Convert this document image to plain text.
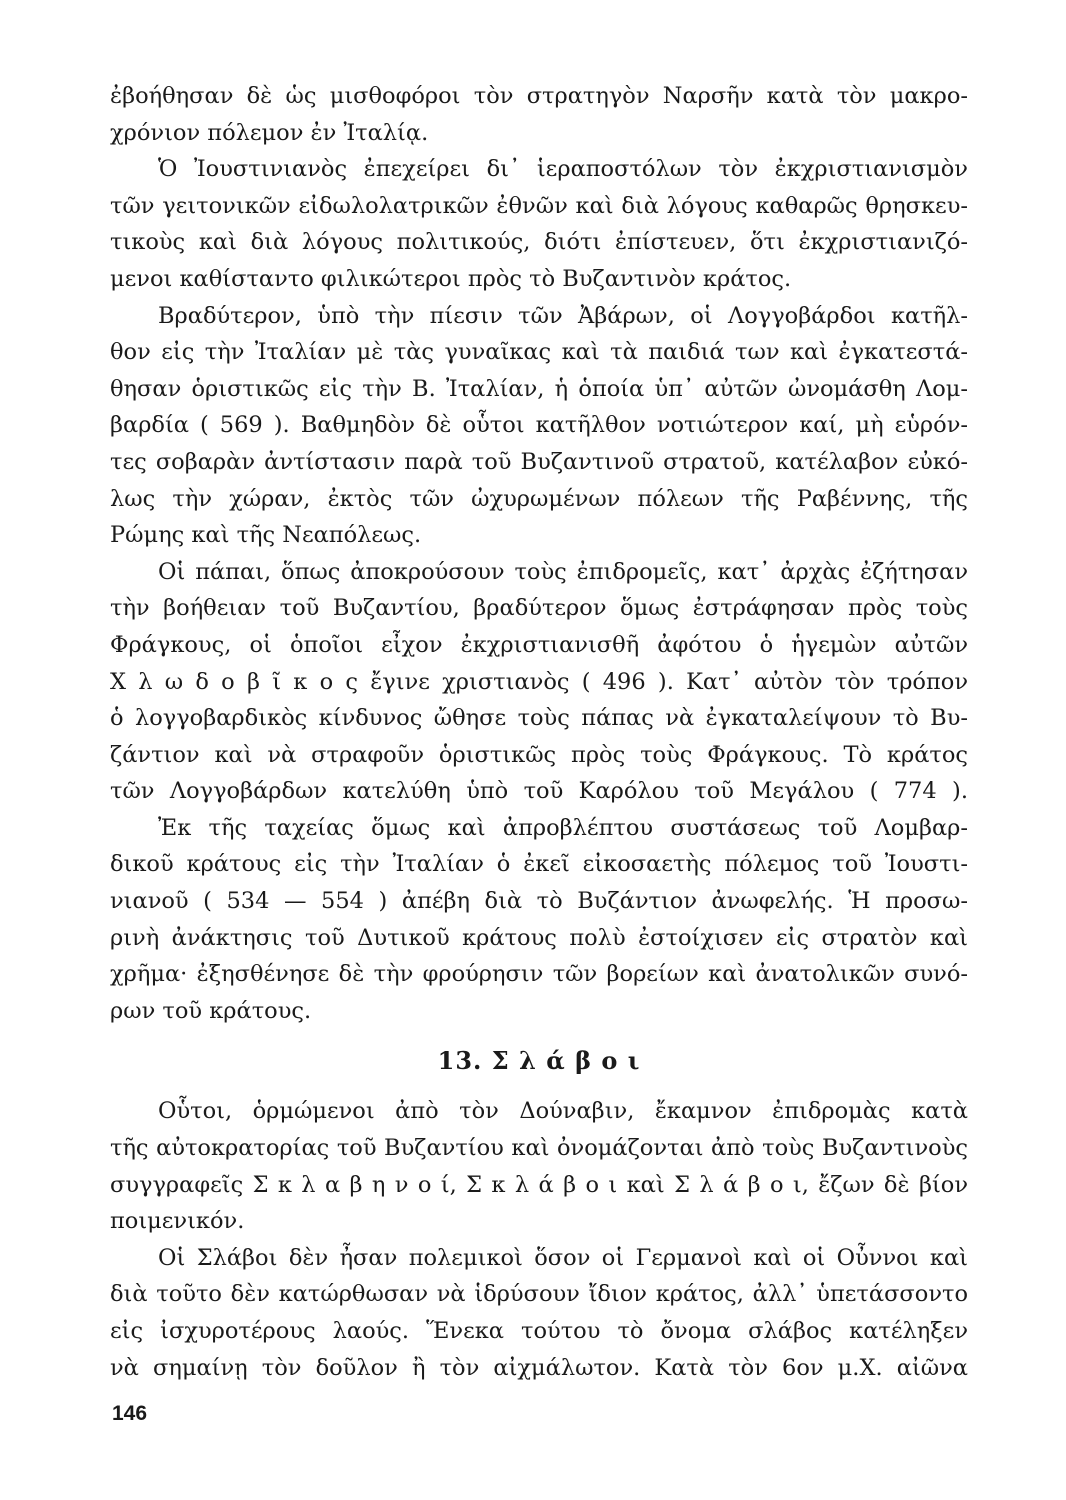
ἐβοήθησαν δὲ ὡς μισθοφόροι τὸν στρατηγὸν Ναρσῆν κατὰ τὸν μακρο-
χρόνιον πόλεμον ἐν Ἰταλίᾳ.
Ὁ Ἰουστινιανὸς ἐπεχείρει δι᾿ ἱεραποστόλων τὸν ἐκχριστιανισμὸν
τῶν γειτονικῶν εἰδωλολατρικῶν ἐθνῶν καὶ διὰ λόγους καθαρῶς θρησκευ-
τικοὺς καὶ διὰ λόγους πολιτικούς, διότι ἐπίστευεν, ὅτι ἐκχριστιανιζό-
μενοι καθίσταντο φιλικώτεροι πρὸς τὸ Βυζαντινὸν κράτος.
Βραδύτερον, ὑπὸ τὴν πίεσιν τῶν Ἀβάρων, οἱ Λογγοβάρδοι κατῆλ-
θον εἰς τὴν Ἰταλίαν μὲ τὰς γυναῖκας καὶ τὰ παιδιά των καὶ ἐγκατεστά-
θησαν ὁριστικῶς εἰς τὴν Β. Ἰταλίαν, ἡ ὁποία ὑπ᾿ αὐτῶν ὠνομάσθη Λομ-
βαρδία ( 569 ). Βαθμηδὸν δὲ οὗτοι κατῆλθον νοτιώτερον καί, μὴ εὑρόν-
τες σοβαρὰν ἀντίστασιν παρὰ τοῦ Βυζαντινοῦ στρατοῦ, κατέλαβον εὐκό-
λως τὴν χώραν, ἐκτὸς τῶν ὠχυρωμένων πόλεων τῆς Ραβέννης, τῆς
Ρώμης καὶ τῆς Νεαπόλεως.
Οἱ πάπαι, ὅπως ἀποκρούσουν τοὺς ἐπιδρομεῖς, κατ᾿ ἀρχὰς ἐζήτησαν
τὴν βοήθειαν τοῦ Βυζαντίου, βραδύτερον ὅμως ἐστράφησαν πρὸς τοὺς
Φράγκους, οἱ ὁποῖοι εἶχον ἐκχριστιανισθῆ ἀφότου ὁ ἡγεμὼν αὐτῶν
Χ λ ω δ ο β ῖ κ ο ς ἔγινε χριστιανὸς ( 496 ). Κατ᾿ αὐτὸν τὸν τρόπον
ὁ λογγοβαρδικὸς κίνδυνος ὤθησε τοὺς πάπας νὰ ἐγκαταλείψουν τὸ Βυ-
ζάντιον καὶ νὰ στραφοῦν ὁριστικῶς πρὸς τοὺς Φράγκους. Τὸ κράτος
τῶν Λογγοβάρδων κατελύθη ὑπὸ τοῦ Καρόλου τοῦ Μεγάλου ( 774 ).
Ἐκ τῆς ταχείας ὅμως καὶ ἀπροβλέπτου συστάσεως τοῦ Λομβαρ-
δικοῦ κράτους εἰς τὴν Ἰταλίαν ὁ ἐκεῖ εἰκοσαετὴς πόλεμος τοῦ Ἰουστι-
νιανοῦ ( 534 — 554 ) ἀπέβη διὰ τὸ Βυζάντιον ἀνωφελής. Ἡ προσω-
ρινὴ ἀνάκτησις τοῦ Δυτικοῦ κράτους πολὺ ἐστοίχισεν εἰς στρατὸν καὶ
χρῆμα· ἐξησθένησε δὲ τὴν φρούρησιν τῶν βορείων καὶ ἀνατολικῶν συνό-
ρων τοῦ κράτους.
13. Σ λ ά β ο ι
Οὗτοι, ὁρμώμενοι ἀπὸ τὸν Δούναβιν, ἔκαμνον ἐπιδρομὰς κατὰ
τῆς αὐτοκρατορίας τοῦ Βυζαντίου καὶ ὀνομάζονται ἀπὸ τοὺς Βυζαντινοὺς
συγγραφεῖς Σ κ λ α β η ν ο ί, Σ κ λ ά β ο ι καὶ Σ λ ά β ο ι, ἔζων δὲ βίον
ποιμενικόν.
Οἱ Σλάβοι δὲν ἦσαν πολεμικοὶ ὅσον οἱ Γερμανοὶ καὶ οἱ Οὖννοι καὶ
διὰ τοῦτο δὲν κατώρθωσαν νὰ ἱδρύσουν ἴδιον κράτος, ἀλλ᾿ ὑπετάσσοντο
εἰς ἰσχυροτέρους λαούς. Ἕνεκα τούτου τὸ ὄνομα σλάβος κατέληξεν
νὰ σημαίνῃ τὸν δοῦλον ἢ τὸν αἰχμάλωτον. Κατὰ τὸν 6ον μ.Χ. αἰῶνα
146
